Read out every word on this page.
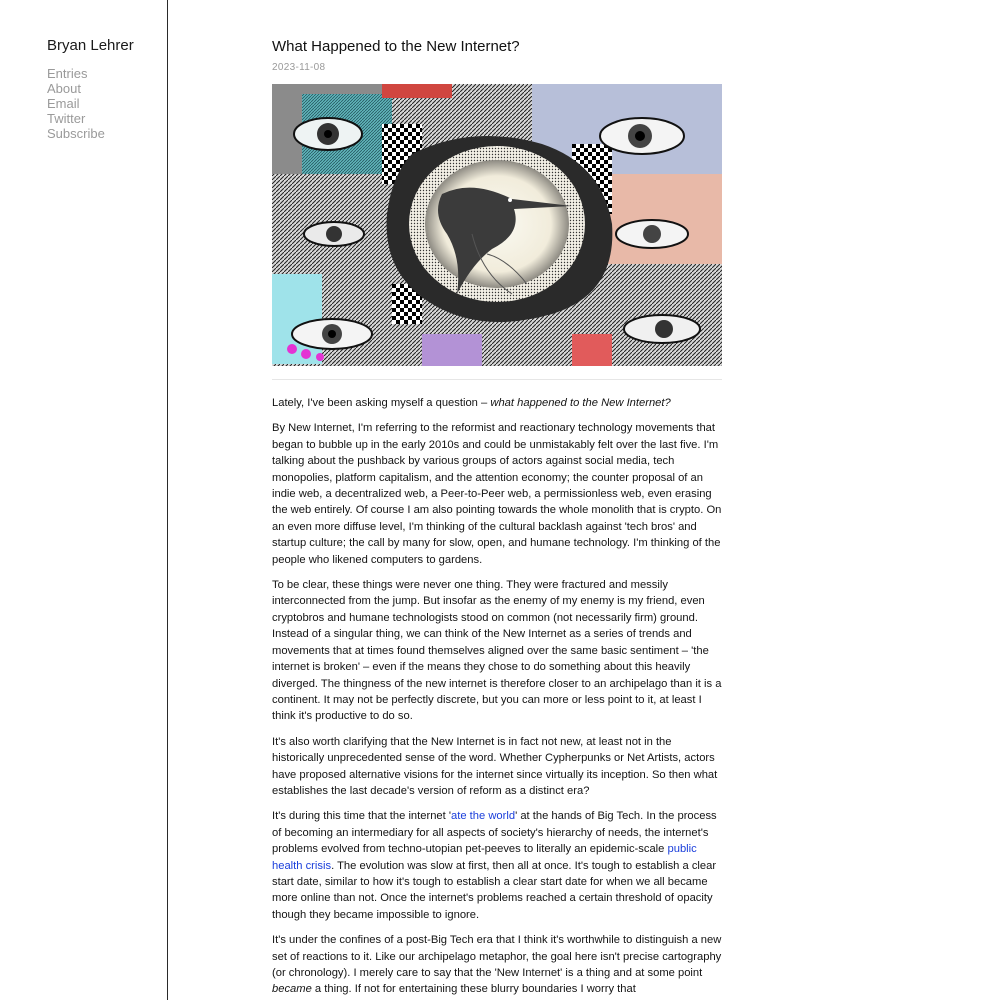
Bryan Lehrer
Entries
About
Email
Twitter
Subscribe
What Happened to the New Internet?
2023-11-08

Lately, I've been asking myself a question – what happened to the New Internet?

By New Internet, I'm referring to the reformist and reactionary technology movements that began to bubble up in the early 2010s and could be unmistakably felt over the last five. I'm talking about the pushback by various groups of actors against social media, tech monopolies, platform capitalism, and the attention economy; the counter proposal of an indie web, a decentralized web, a Peer-to-Peer web, a permissionless web, even erasing the web entirely. Of course I am also pointing towards the whole monolith that is crypto. On an even more diffuse level, I'm thinking of the cultural backlash against 'tech bros' and startup culture; the call by many for slow, open, and humane technology. I'm thinking of the people who likened computers to gardens.

To be clear, these things were never one thing. They were fractured and messily interconnected from the jump. But insofar as the enemy of my enemy is my friend, even cryptobros and humane technologists stood on common (not necessarily firm) ground. Instead of a singular thing, we can think of the New Internet as a series of trends and movements that at times found themselves aligned over the same basic sentiment – 'the internet is broken' – even if the means they chose to do something about this heavily diverged. The thingness of the new internet is therefore closer to an archipelago than it is a continent. It may not be perfectly discrete, but you can more or less point to it, at least I think it's productive to do so.

It's also worth clarifying that the New Internet is in fact not new, at least not in the historically unprecedented sense of the word. Whether Cypherpunks or Net Artists, actors have proposed alternative visions for the internet since virtually its inception. So then what establishes the last decade's version of reform as a distinct era?

It's during this time that the internet 'ate the world' at the hands of Big Tech. In the process of becoming an intermediary for all aspects of society's hierarchy of needs, the internet's problems evolved from techno-utopian pet-peeves to literally an epidemic-scale public health crisis. The evolution was slow at first, then all at once. It's tough to establish a clear start date, similar to how it's tough to establish a clear start date for when we all became more online than not. Once the internet's problems reached a certain threshold of opacity though they became impossible to ignore.

It's under the confines of a post-Big Tech era that I think it's worthwhile to distinguish a new set of reactions to it. Like our archipelago metaphor, the goal here isn't precise cartography (or chronology). I merely care to say that the 'New Internet' is a thing and at some point became a thing. If not for entertaining these blurry boundaries I worry that
